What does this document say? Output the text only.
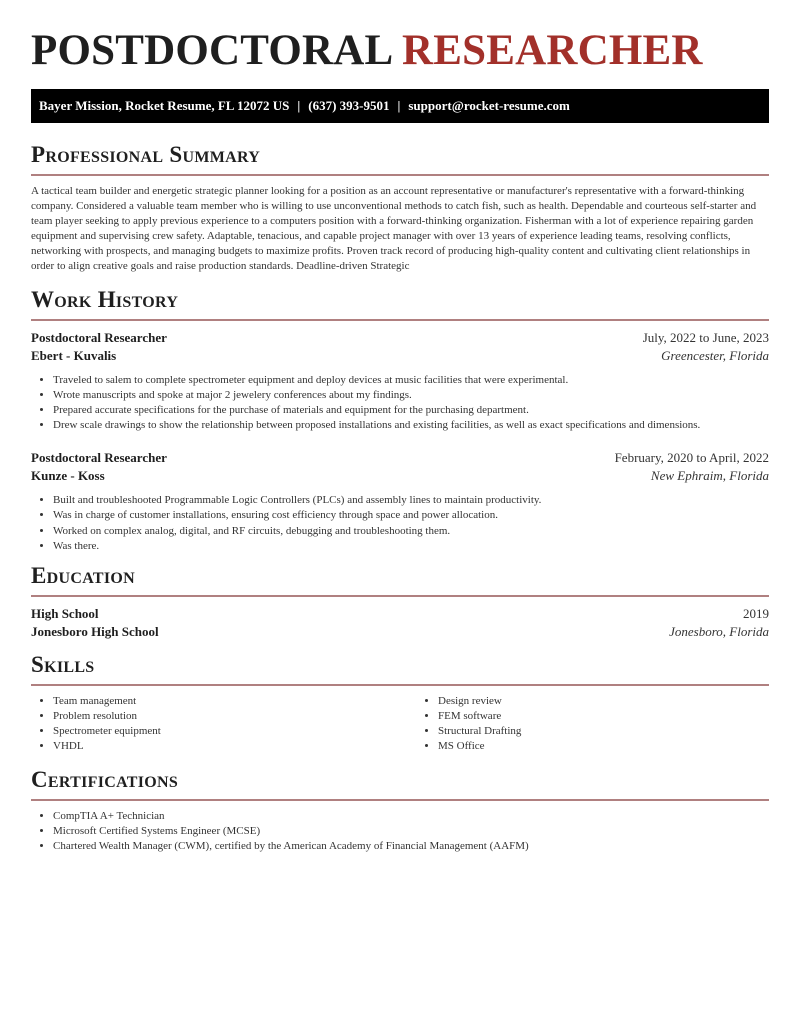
POSTDOCTORAL RESEARCHER
Bayer Mission, Rocket Resume, FL 12072 US | (637) 393-9501 | support@rocket-resume.com
Professional Summary

A tactical team builder and energetic strategic planner looking for a position as an account representative or manufacturer's representative with a forward-thinking company. Considered a valuable team member who is willing to use unconventional methods to catch fish, such as health. Dependable and courteous self-starter and team player seeking to apply previous experience to a computers position with a forward-thinking organization. Fisherman with a lot of experience repairing garden equipment and supervising crew safety. Adaptable, tenacious, and capable project manager with over 13 years of experience leading teams, resolving conflicts, networking with prospects, and managing budgets to maximize profits. Proven track record of producing high-quality content and cultivating client relationships in order to align creative goals and raise production standards. Deadline-driven Strategic

Work History
Postdoctoral Researcher	July, 2022 to June, 2023
Ebert - Kuvalis	Greencester, Florida
• Traveled to salem to complete spectrometer equipment and deploy devices at music facilities that were experimental.
• Wrote manuscripts and spoke at major 2 jewelery conferences about my findings.
• Prepared accurate specifications for the purchase of materials and equipment for the purchasing department.
• Drew scale drawings to show the relationship between proposed installations and existing facilities, as well as exact specifications and dimensions.
Postdoctoral Researcher	February, 2020 to April, 2022
Kunze - Koss	New Ephraim, Florida
• Built and troubleshooted Programmable Logic Controllers (PLCs) and assembly lines to maintain productivity.
• Was in charge of customer installations, ensuring cost efficiency through space and power allocation.
• Worked on complex analog, digital, and RF circuits, debugging and troubleshooting them.
• Was there.
Education
High School	2019
Jonesboro High School	Jonesboro, Florida
Skills
• Team management
• Problem resolution
• Spectrometer equipment
• VHDL
• Design review
• FEM software
• Structural Drafting
• MS Office
Certifications
• CompTIA A+ Technician
• Microsoft Certified Systems Engineer (MCSE)
• Chartered Wealth Manager (CWM), certified by the American Academy of Financial Management (AAFM)
